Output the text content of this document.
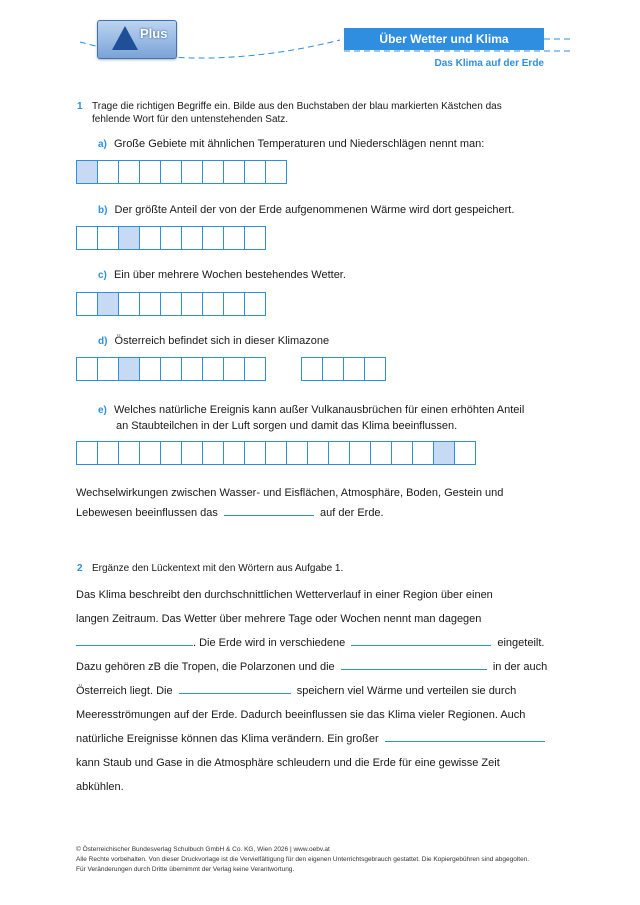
Plus	Über Wetter und Klima
Das Klima auf der Erde
1 Trage die richtigen Begriffe ein. Bilde aus den Buchstaben der blau markierten Kästchen das
fehlende Wort für den untenstehenden Satz.
a) Große Gebiete mit ähnlichen Temperaturen und Niederschlägen nennt man:
b) Der größte Anteil der von der Erde aufgenommenen Wärme wird dort gespeichert.
c) Ein über mehrere Wochen bestehendes Wetter.
d) Österreich befindet sich in dieser Klimazone
e) Welches natürliche Ereignis kann außer Vulkanausbrüchen für einen erhöhten Anteil
an Staubteilchen in der Luft sorgen und damit das Klima beeinflussen.
Wechselwirkungen zwischen Wasser- und Eisflächen, Atmosphäre, Boden, Gestein und
Lebewesen beeinflussen das	auf der Erde.
2 Ergänze den Lückentext mit den Wörtern aus Aufgabe 1.
Das Klima beschreibt den durchschnittlichen Wetterverlauf in einer Region über einen
langen Zeitraum. Das Wetter über mehrere Tage oder Wochen nennt man dagegen
. Die Erde wird in verschiedene	eingeteilt.
Dazu gehören zB die Tropen, die Polarzonen und die	in der auch
Österreich liegt. Die	speichern viel Wärme und verteilen sie durch
Meeresströmungen auf der Erde. Dadurch beeinflussen sie das Klima vieler Regionen. Auch
natürliche Ereignisse können das Klima verändern. Ein großer
kann Staub und Gase in die Atmosphäre schleudern und die Erde für eine gewisse Zeit
abkühlen.
© Österreichischer Bundesverlag Schulbuch GmbH & Co. KG, Wien 2026 | www.oebv.at
Alle Rechte vorbehalten. Von dieser Druckvorlage ist die Vervielfältigung für den eigenen Unterrichtsgebrauch gestattet. Die Kopiergebühren sind abgegolten.
Für Veränderungen durch Dritte übernimmt der Verlag keine Verantwortung.
